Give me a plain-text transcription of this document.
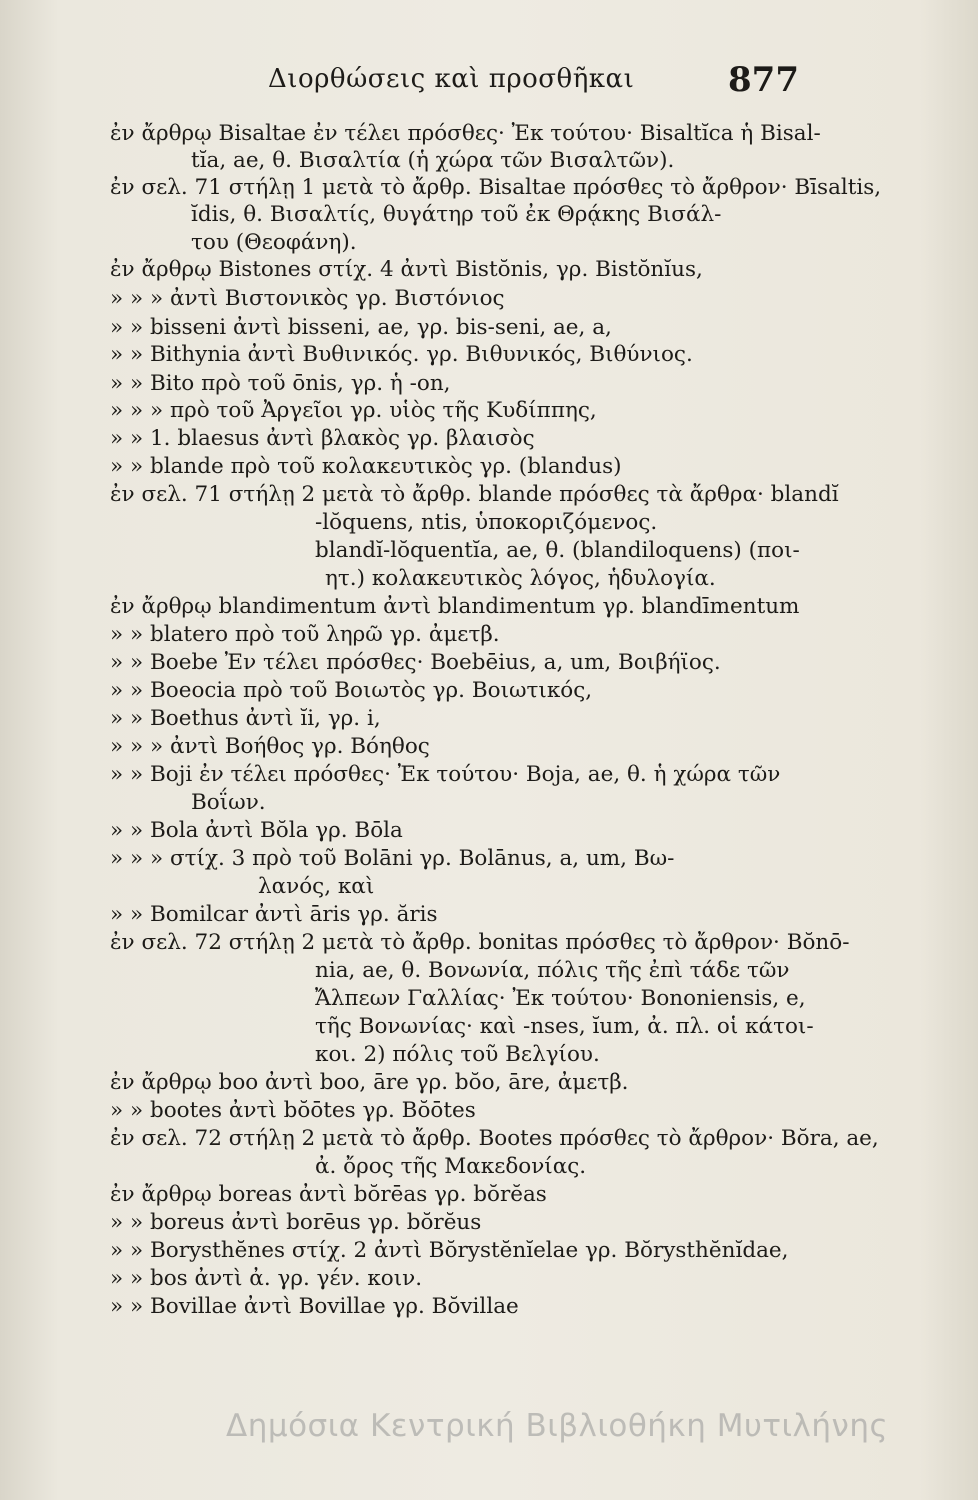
Διορθώσεις καὶ προσθῆκαι	877
ἐν ἄρθρῳ Bisaltae ἐν τέλει πρόσθες· Ἐκ τούτου· Bisaltĭca ἡ Bisal-
tĭa, ae, θ. Βισαλτία (ἡ χώρα τῶν Βισαλτῶν).
ἐν σελ. 71 στήλῃ 1 μετὰ τὸ ἄρθρ. Bisaltae πρόσθες τὸ ἄρθρον· Bīsaltis,
ĭdis, θ. Βισαλτίς, θυγάτηρ τοῦ ἐκ Θρᾴκης Βισάλ-
του (Θεοφάνη).
ἐν ἄρθρῳ Bistones στίχ. 4 ἀντὶ Bistŏnis, γρ. Bistŏnĭus,
» » » ἀντὶ Βιστονικὸς γρ. Βιστόνιος
» » bisseni ἀντὶ bisseni, ae, γρ. bis-seni, ae, a,
» » Bithynia ἀντὶ Βυθινικός. γρ. Βιθυνικός, Βιθύνιος.
» » Bito πρὸ τοῦ ōnis, γρ. ἡ -on,
» » » πρὸ τοῦ Ἀργεῖοι γρ. υἱὸς τῆς Κυδίππης,
» » 1. blaesus ἀντὶ βλακὸς γρ. βλαισὸς
» » blande πρὸ τοῦ κολακευτικὸς γρ. (blandus)
ἐν σελ. 71 στήλῃ 2 μετὰ τὸ ἄρθρ. blande πρόσθες τὰ ἄρθρα· blandĭ
-lŏquens, ntis, ὑποκοριζόμενος.
blandĭ-lŏquentĭa, ae, θ. (blandiloquens) (ποι-
ητ.) κολακευτικὸς λόγος, ἡδυλογία.
ἐν ἄρθρῳ blandimentum ἀντὶ blandimentum γρ. blandīmentum
» » blatero πρὸ τοῦ ληρῶ γρ. ἀμετβ.
» » Boebe Ἐν τέλει πρόσθες· Boebēius, a, um, Βοιβήϊος.
» » Boeocia πρὸ τοῦ Βοιωτὸς γρ. Βοιωτικός,
» » Boethus ἀντὶ ĭi, γρ. i,
» » » ἀντὶ Βοήθος γρ. Βόηθος
» » Boji ἐν τέλει πρόσθες· Ἐκ τούτου· Boja, ae, θ. ἡ χώρα τῶν
Βοΐων.
» » Bola ἀντὶ Bŏla γρ. Bōla
» » » στίχ. 3 πρὸ τοῦ Bolāni γρ. Bolānus, a, um, Βω-
λανός, καὶ
» » Bomilcar ἀντὶ āris γρ. ăris
ἐν σελ. 72 στήλῃ 2 μετὰ τὸ ἄρθρ. bonitas πρόσθες τὸ ἄρθρον· Bŏnō-
nia, ae, θ. Βονωνία, πόλις τῆς ἐπὶ τάδε τῶν
Ἄλπεων Γαλλίας· Ἐκ τούτου· Bononiensis, e,
τῆς Βονωνίας· καὶ -nses, ĭum, ἀ. πλ. οἱ κάτοι-
κοι. 2) πόλις τοῦ Βελγίου.
ἐν ἄρθρῳ boo ἀντὶ boo, āre γρ. bŏo, āre, ἀμετβ.
» » bootes ἀντὶ bŏōtes γρ. Bŏōtes
ἐν σελ. 72 στήλῃ 2 μετὰ τὸ ἄρθρ. Bootes πρόσθες τὸ ἄρθρον· Bŏra, ae,
ἀ. ὄρος τῆς Μακεδονίας.
ἐν ἄρθρῳ boreas ἀντὶ bŏrēas γρ. bŏrĕas
» » boreus ἀντὶ borēus γρ. bŏrĕus
» » Borysthĕnes στίχ. 2 ἀντὶ Bŏrystĕnĭelae γρ. Bŏrysthĕnĭdae,
» » bos ἀντὶ ἀ. γρ. γέν. κοιν.
» » Bovillae ἀντὶ Bovillae γρ. Bŏvillae
Δημόσια Κεντρική Βιβλιοθήκη Μυτιλήνης
